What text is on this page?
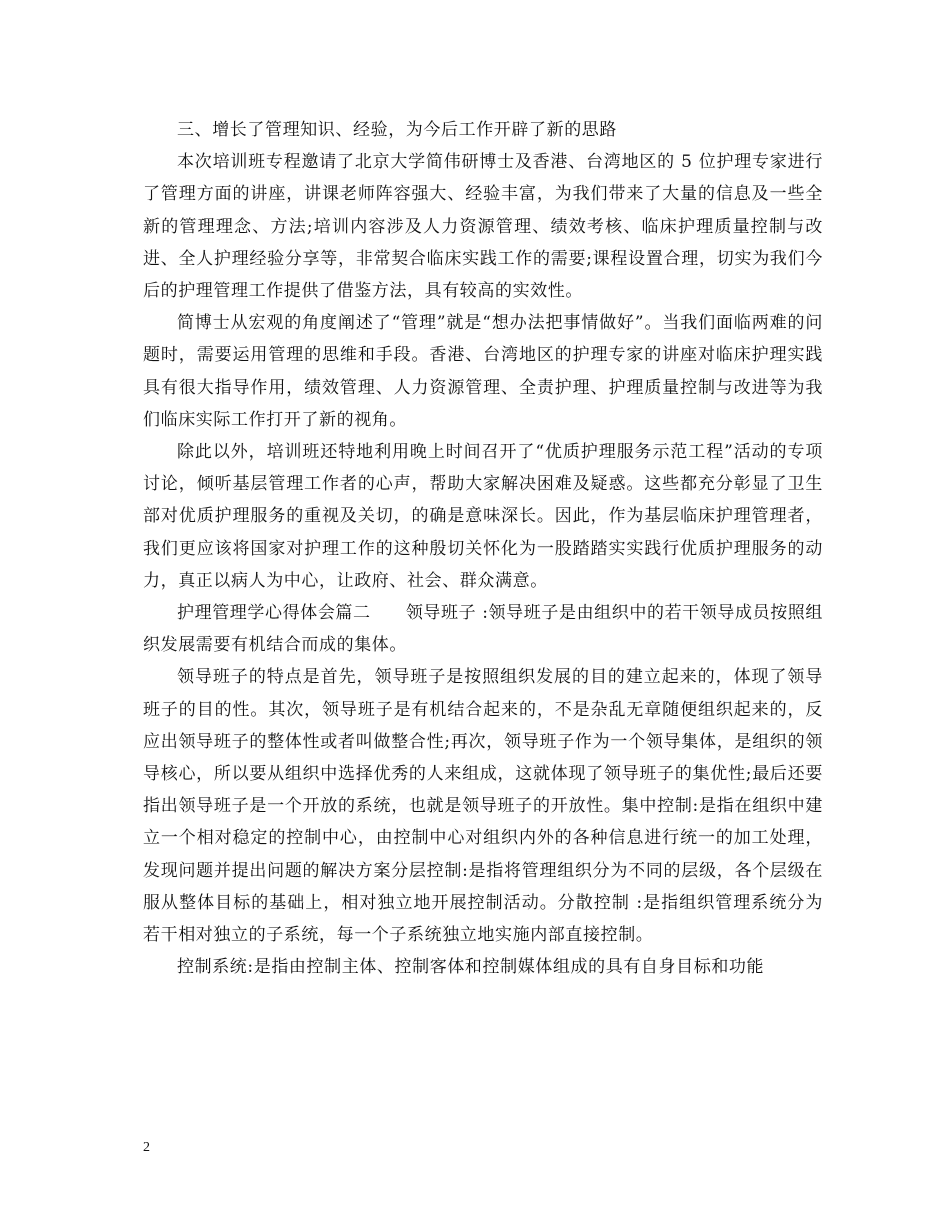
三、增长了管理知识、经验，为今后工作开辟了新的思路

本次培训班专程邀请了北京大学简伟研博士及香港、台湾地区的 5 位护理专家进行了管理方面的讲座，讲课老师阵容强大、经验丰富，为我们带来了大量的信息及一些全新的管理理念、方法;培训内容涉及人力资源管理、绩效考核、临床护理质量控制与改进、全人护理经验分享等，非常契合临床实践工作的需要;课程设置合理，切实为我们今后的护理管理工作提供了借鉴方法，具有较高的实效性。

简博士从宏观的角度阐述了“管理”就是“想办法把事情做好”。当我们面临两难的问题时，需要运用管理的思维和手段。香港、台湾地区的护理专家的讲座对临床护理实践具有很大指导作用，绩效管理、人力资源管理、全责护理、护理质量控制与改进等为我们临床实际工作打开了新的视角。

除此以外，培训班还特地利用晚上时间召开了“优质护理服务示范工程”活动的专项讨论，倾听基层管理工作者的心声，帮助大家解决困难及疑惑。这些都充分彰显了卫生部对优质护理服务的重视及关切，的确是意味深长。因此，作为基层临床护理管理者，我们更应该将国家对护理工作的这种殷切关怀化为一股踏踏实实践行优质护理服务的动力，真正以病人为中心，让政府、社会、群众满意。

护理管理学心得体会篇二　　领导班子 :领导班子是由组织中的若干领导成员按照组织发展需要有机结合而成的集体。

领导班子的特点是首先，领导班子是按照组织发展的目的建立起来的，体现了领导班子的目的性。其次，领导班子是有机结合起来的，不是杂乱无章随便组织起来的，反应出领导班子的整体性或者叫做整合性;再次，领导班子作为一个领导集体，是组织的领导核心，所以要从组织中选择优秀的人来组成，这就体现了领导班子的集优性;最后还要指出领导班子是一个开放的系统，也就是领导班子的开放性。集中控制:是指在组织中建立一个相对稳定的控制中心，由控制中心对组织内外的各种信息进行统一的加工处理，发现问题并提出问题的解决方案分层控制:是指将管理组织分为不同的层级，各个层级在服从整体目标的基础上，相对独立地开展控制活动。分散控制 :是指组织管理系统分为若干相对独立的子系统，每一个子系统独立地实施内部直接控制。

控制系统:是指由控制主体、控制客体和控制媒体组成的具有自身目标和功能

2
